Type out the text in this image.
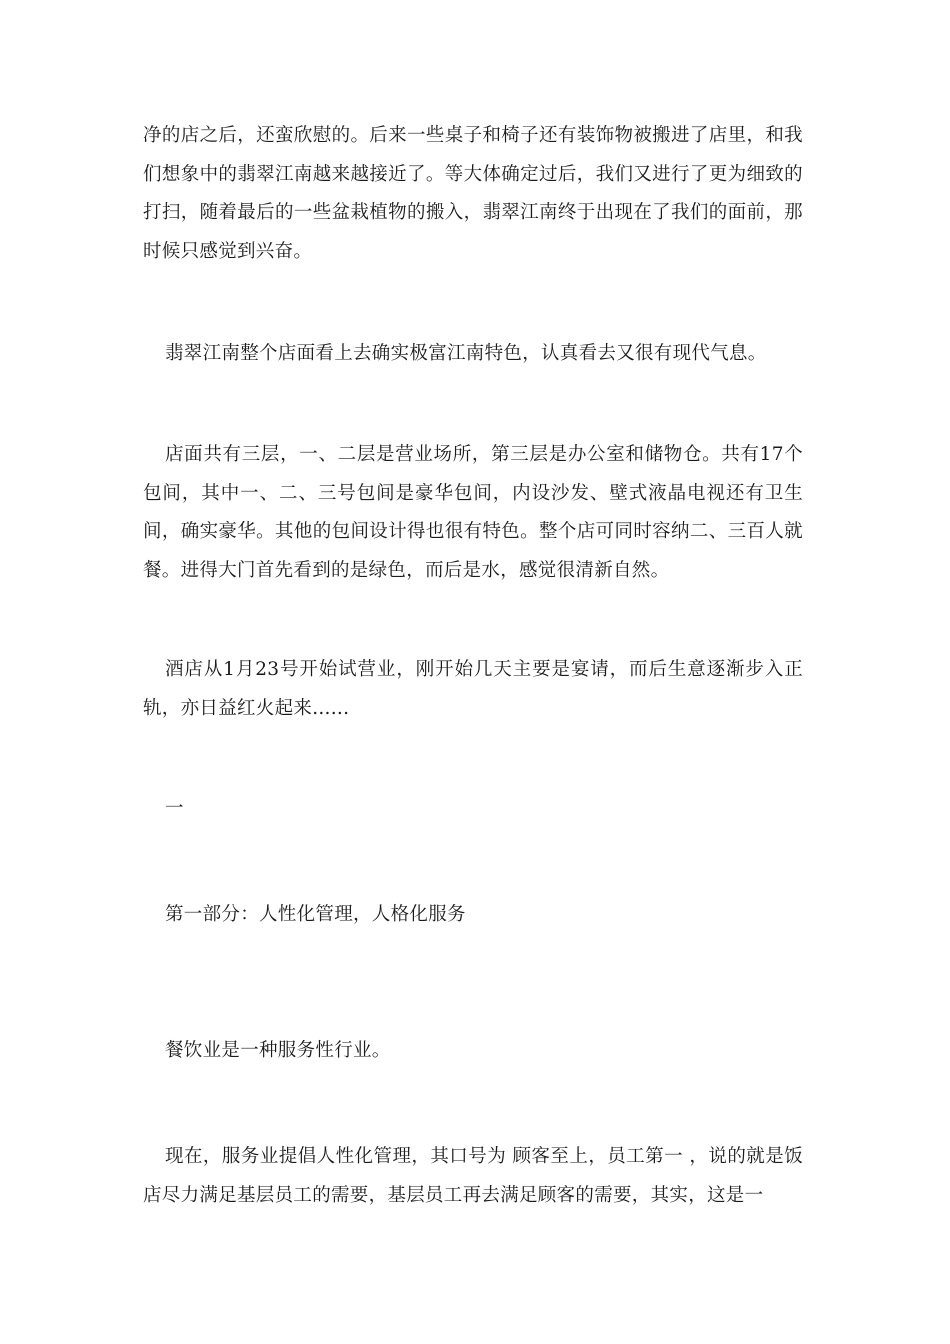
净的店之后，还蛮欣慰的。后来一些桌子和椅子还有装饰物被搬进了店里，和我们想象中的翡翠江南越来越接近了。等大体确定过后，我们又进行了更为细致的打扫，随着最后的一些盆栽植物的搬入，翡翠江南终于出现在了我们的面前，那时候只感觉到兴奋。

翡翠江南整个店面看上去确实极富江南特色，认真看去又很有现代气息。

店面共有三层，一、二层是营业场所，第三层是办公室和储物仓。共有17个包间，其中一、二、三号包间是豪华包间，内设沙发、壁式液晶电视还有卫生间，确实豪华。其他的包间设计得也很有特色。整个店可同时容纳二、三百人就餐。进得大门首先看到的是绿色，而后是水，感觉很清新自然。

酒店从1月23号开始试营业，刚开始几天主要是宴请，而后生意逐渐步入正轨，亦日益红火起来......

一

第一部分：人性化管理，人格化服务

餐饮业是一种服务性行业。

现在，服务业提倡人性化管理，其口号为 顾客至上，员工第一 ，说的就是饭店尽力满足基层员工的需要，基层员工再去满足顾客的需要，其实，这是一
